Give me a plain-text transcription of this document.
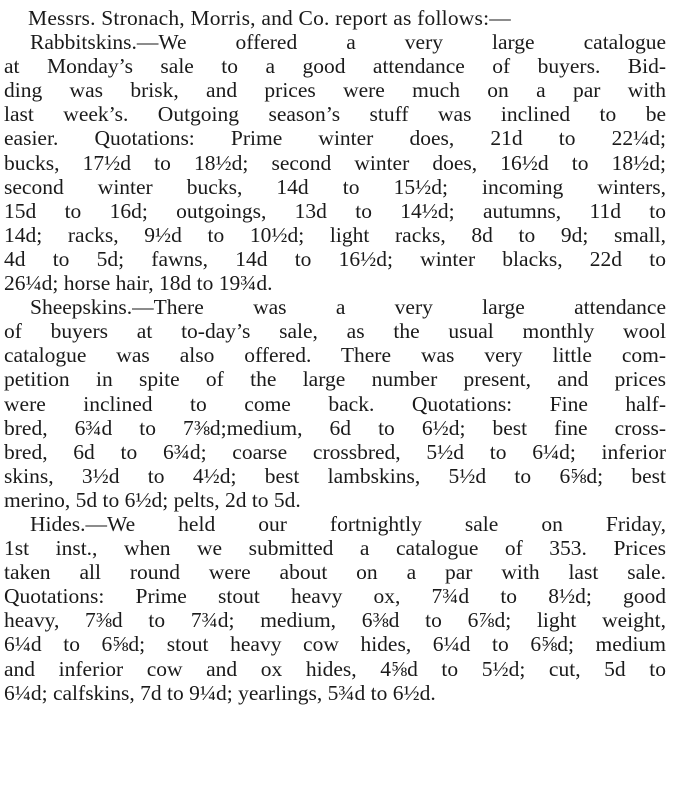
Messrs. Stronach, Morris, and Co. report as follows:—
Rabbitskins.—We offered a very large catalogue
at Monday’s sale to a good attendance of buyers. Bid-
ding was brisk, and prices were much on a par with
last week’s. Outgoing season’s stuff was inclined to be
easier. Quotations: Prime winter does, 21d to 22¼d;
bucks, 17½d to 18½d; second winter does, 16½d to 18½d;
second winter bucks, 14d to 15½d; incoming winters,
15d to 16d; outgoings, 13d to 14½d; autumns, 11d to
14d; racks, 9½d to 10½d; light racks, 8d to 9d; small,
4d to 5d; fawns, 14d to 16½d; winter blacks, 22d to
26¼d; horse hair, 18d to 19¾d.
Sheepskins.—There was a very large attendance
of buyers at to-day’s sale, as the usual monthly wool
catalogue was also offered. There was very little com-
petition in spite of the large number present, and prices
were inclined to come back. Quotations: Fine half-
bred, 6¾d to 7⅜d;medium, 6d to 6½d; best fine cross-
bred, 6d to 6¾d; coarse crossbred, 5½d to 6¼d; inferior
skins, 3½d to 4½d; best lambskins, 5½d to 6⅝d; best
merino, 5d to 6½d; pelts, 2d to 5d.
Hides.—We held our fortnightly sale on Friday,
1st inst., when we submitted a catalogue of 353. Prices
taken all round were about on a par with last sale.
Quotations: Prime stout heavy ox, 7¾d to 8½d; good
heavy, 7⅜d to 7¾d; medium, 6⅜d to 6⅞d; light weight,
6¼d to 6⅝d; stout heavy cow hides, 6¼d to 6⅝d; medium
and inferior cow and ox hides, 4⅝d to 5½d; cut, 5d to
6¼d; calfskins, 7d to 9¼d; yearlings, 5¾d to 6½d.
